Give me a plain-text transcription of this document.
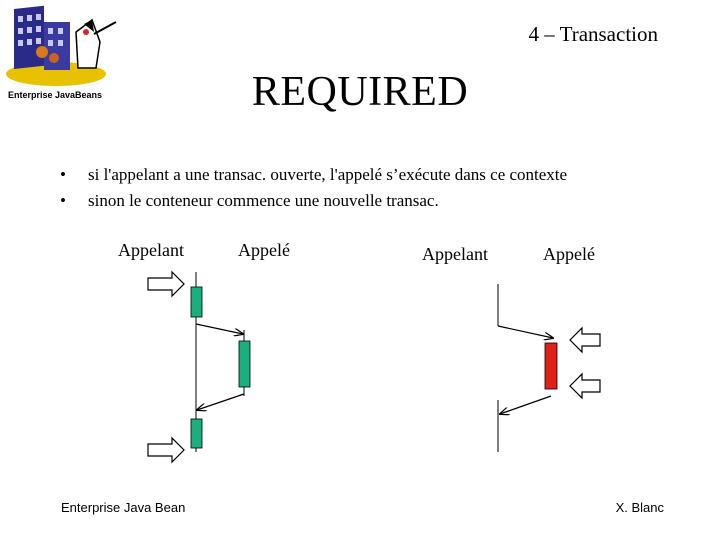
Enterprise JavaBeans
4 – Transaction
REQUIRED
•	si l'appelant a une transac. ouverte, l'appelé s’exécute dans ce contexte
•	sinon le conteneur commence une nouvelle transac.
Appelant	Appelé	Appelant	Appelé
Enterprise Java Bean	X. Blanc
